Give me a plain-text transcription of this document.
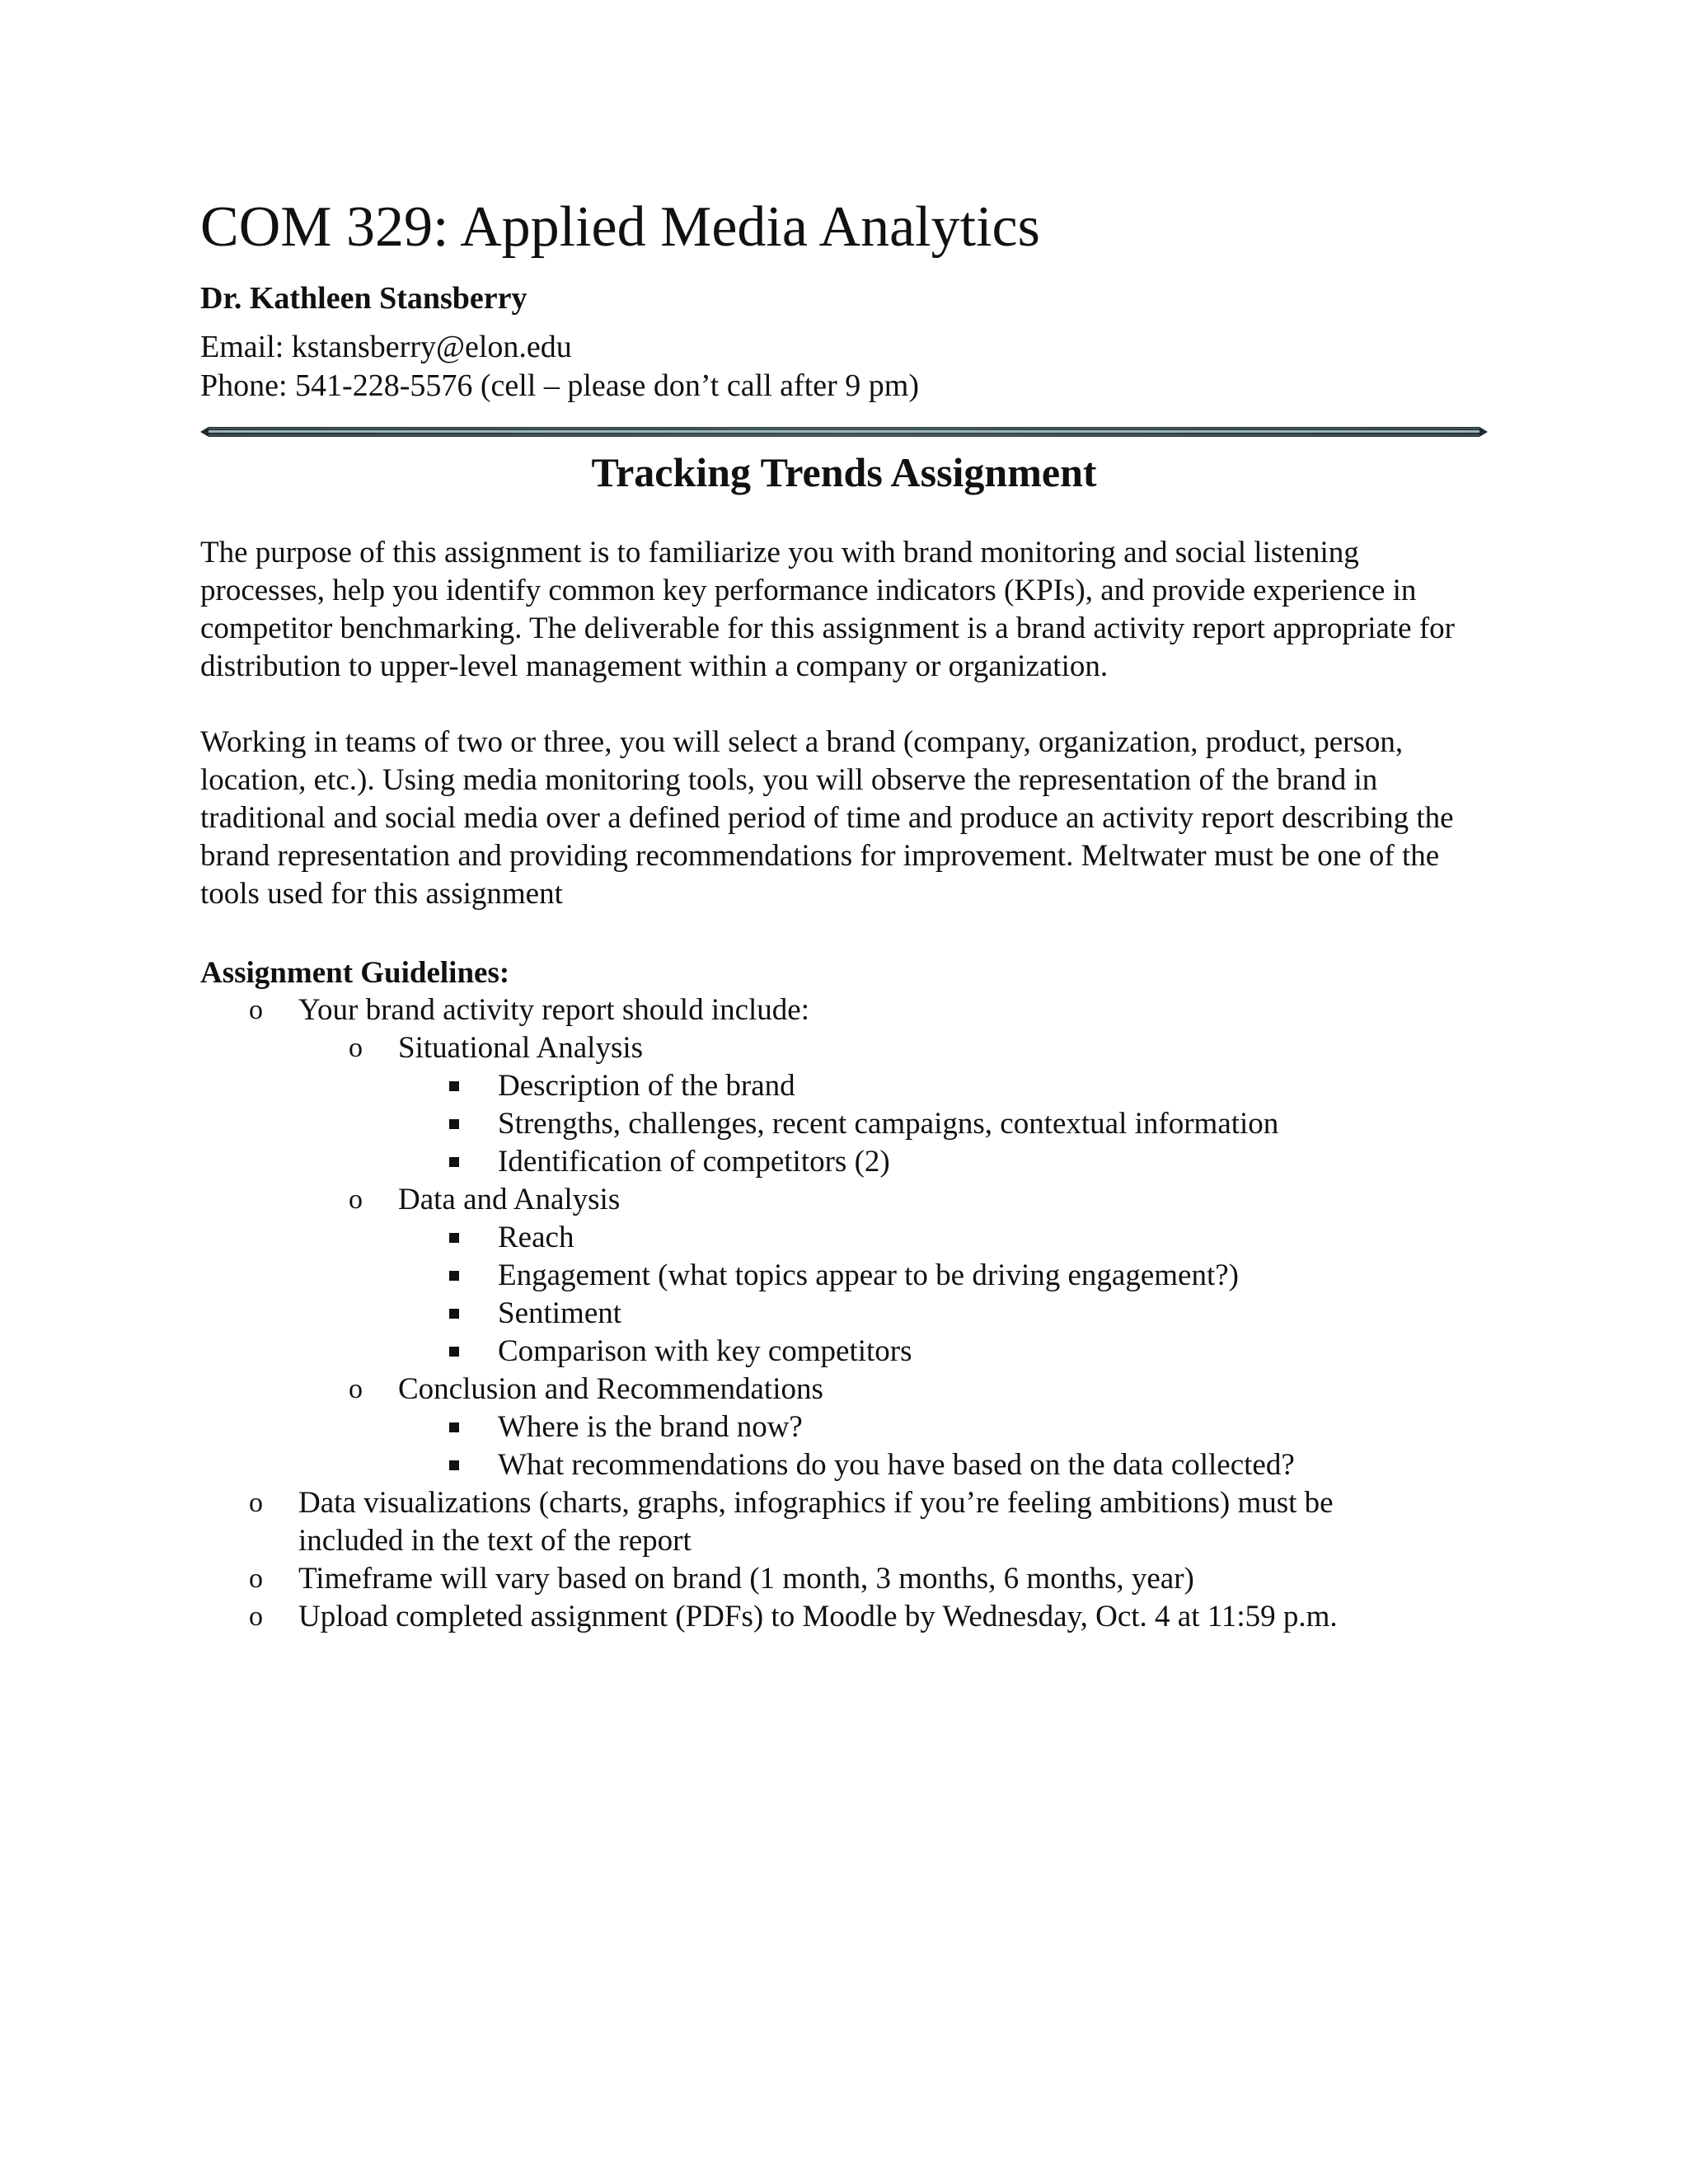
COM 329: Applied Media Analytics
Dr. Kathleen Stansberry
Email: kstansberry@elon.edu
Phone: 541-228-5576 (cell – please don’t call after 9 pm)
Tracking Trends Assignment
The purpose of this assignment is to familiarize you with brand monitoring and social listening processes, help you identify common key performance indicators (KPIs), and provide experience in competitor benchmarking. The deliverable for this assignment is a brand activity report appropriate for distribution to upper-level management within a company or organization.
Working in teams of two or three, you will select a brand (company, organization, product, person, location, etc.). Using media monitoring tools, you will observe the representation of the brand in traditional and social media over a defined period of time and produce an activity report describing the brand representation and providing recommendations for improvement. Meltwater must be one of the tools used for this assignment
Assignment Guidelines:
o Your brand activity report should include:
o Situational Analysis
Description of the brand
Strengths, challenges, recent campaigns, contextual information
Identification of competitors (2)
o Data and Analysis
Reach
Engagement (what topics appear to be driving engagement?)
Sentiment
Comparison with key competitors
o Conclusion and Recommendations
Where is the brand now?
What recommendations do you have based on the data collected?
o Data visualizations (charts, graphs, infographics if you’re feeling ambitions) must be included in the text of the report
o Timeframe will vary based on brand (1 month, 3 months, 6 months, year)
o Upload completed assignment (PDFs) to Moodle by Wednesday, Oct. 4 at 11:59 p.m.
